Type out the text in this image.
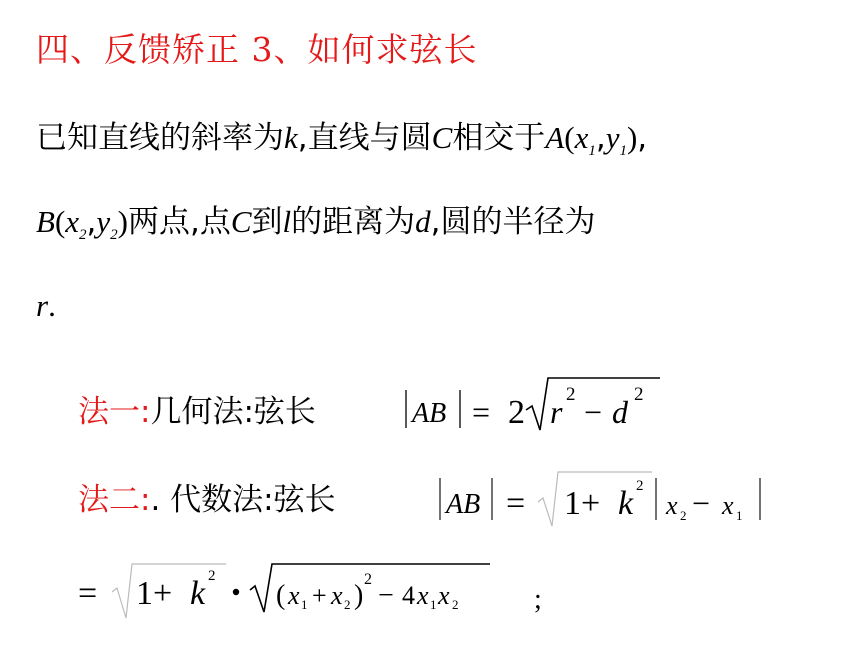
四、反馈矫正 3、如何求弦长
已知直线的斜率为k,直线与圆C相交于$A(x_1,y_1)$,
$B(x_2,y_2)$两点,点C到l的距离为d,圆的半径为
r.
法一:几何法:弦长	AB = 2 r 2 − d 2
法二:. 代数法:弦长	AB = 1+ k 2
x 2 − x 1
= 1+ k 2
( x 1 + x 2 )
2
− 4 x 1 x 2	;
